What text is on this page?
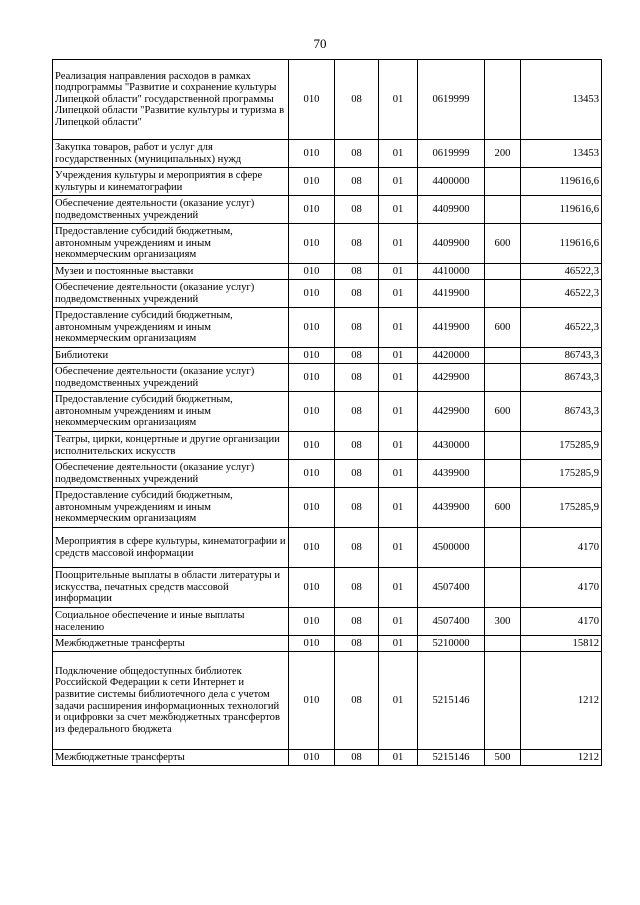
70
Реализация направления расходов в рамках подпрограммы "Развитие и сохранение культуры Липецкой области" государственной программы Липецкой области "Развитие культуры и туризма в Липецкой области"	010	08	01	0619999		13453
Закупка товаров, работ и услуг для государственных (муниципальных) нужд	010	08	01	0619999	200	13453
Учреждения культуры и мероприятия в сфере культуры и кинематографии	010	08	01	4400000		119616,6
Обеспечение деятельности (оказание услуг) подведомственных учреждений	010	08	01	4409900		119616,6
Предоставление субсидий бюджетным, автономным учреждениям и иным некоммерческим организациям	010	08	01	4409900	600	119616,6
Музеи и постоянные выставки	010	08	01	4410000		46522,3
Обеспечение деятельности (оказание услуг) подведомственных учреждений	010	08	01	4419900		46522,3
Предоставление субсидий бюджетным, автономным учреждениям и иным некоммерческим организациям	010	08	01	4419900	600	46522,3
Библиотеки	010	08	01	4420000		86743,3
Обеспечение деятельности (оказание услуг) подведомственных учреждений	010	08	01	4429900		86743,3
Предоставление субсидий бюджетным, автономным учреждениям и иным некоммерческим организациям	010	08	01	4429900	600	86743,3
Театры, цирки, концертные и другие организации исполнительских искусств	010	08	01	4430000		175285,9
Обеспечение деятельности (оказание услуг) подведомственных учреждений	010	08	01	4439900		175285,9
Предоставление субсидий бюджетным, автономным учреждениям и иным некоммерческим организациям	010	08	01	4439900	600	175285,9
Мероприятия в сфере культуры, кинематографии и средств массовой информации	010	08	01	4500000		4170
Поощрительные выплаты в области литературы и искусства, печатных средств массовой информации	010	08	01	4507400		4170
Социальное обеспечение и иные выплаты населению	010	08	01	4507400	300	4170
Межбюджетные трансферты	010	08	01	5210000		15812
Подключение общедоступных библиотек Российской Федерации к сети Интернет и развитие системы библиотечного дела с учетом задачи расширения информационных технологий и оцифровки за счет межбюджетных трансфертов из федерального бюджета	010	08	01	5215146		1212
Межбюджетные трансферты	010	08	01	5215146	500	1212
